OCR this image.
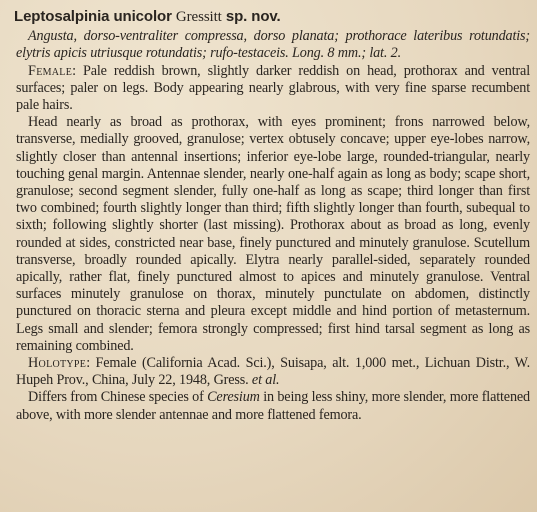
Leptosalpinia unicolor Gressitt sp. nov.

Angusta, dorso-ventraliter compressa, dorso planata; prothorace lateribus rotundatis; elytris apicis utriusque rotundatis; rufo-testaceis. Long. 8 mm.; lat. 2.

Female: Pale reddish brown, slightly darker reddish on head, prothorax and ventral surfaces; paler on legs. Body appearing nearly glabrous, with very fine sparse recumbent pale hairs.

Head nearly as broad as prothorax, with eyes prominent; frons narrowed below, transverse, medially grooved, granulose; vertex obtusely concave; upper eye-lobes narrow, slightly closer than antennal insertions; inferior eye-lobe large, rounded-triangular, nearly touching genal margin. Antennae slender, nearly one-half again as long as body; scape short, granulose; second segment slender, fully one-half as long as scape; third longer than first two combined; fourth slightly longer than third; fifth slightly longer than fourth, subequal to sixth; following slightly shorter (last missing). Prothorax about as broad as long, evenly rounded at sides, constricted near base, finely punctured and minutely granulose. Scutellum transverse, broadly rounded apically. Elytra nearly parallel-sided, separately rounded apically, rather flat, finely punctured almost to apices and minutely granulose. Ventral surfaces minutely granulose on thorax, minutely punctulate on abdomen, distinctly punctured on thoracic sterna and pleura except middle and hind portion of metasternum. Legs small and slender; femora strongly compressed; first hind tarsal segment as long as remaining combined.

Holotype: Female (California Acad. Sci.), Suisapa, alt. 1,000 met., Lichuan Distr., W. Hupeh Prov., China, July 22, 1948, Gress. et al.

Differs from Chinese species of Ceresium in being less shiny, more slender, more flattened above, with more slender antennae and more flattened femora.
